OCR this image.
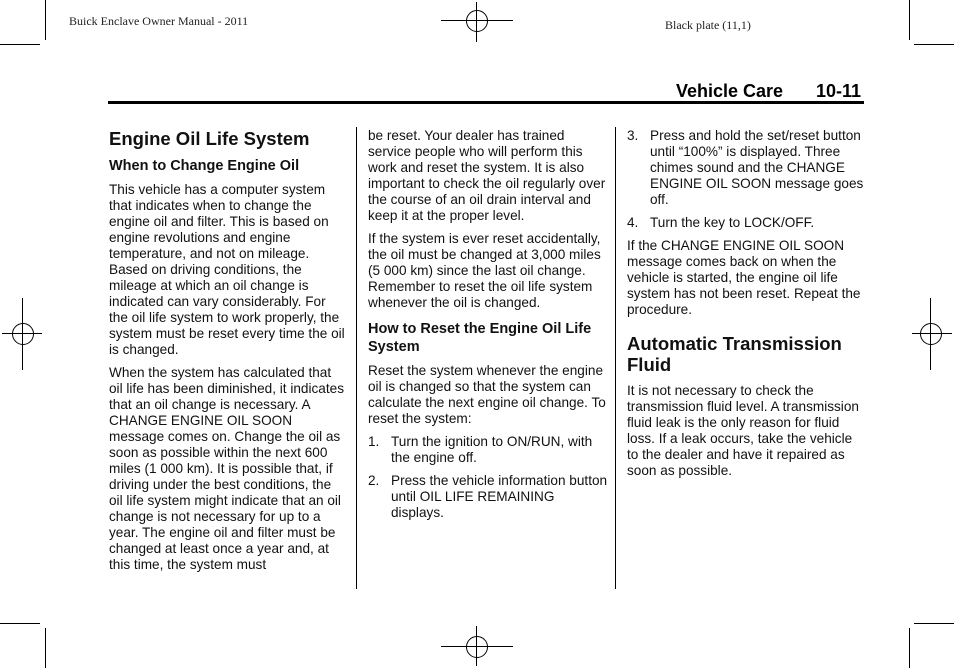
Buick Enclave Owner Manual - 2011	Black plate (11,1)
Vehicle Care 10-11
Engine Oil Life System
When to Change Engine Oil

This vehicle has a computer system that indicates when to change the engine oil and filter. This is based on engine revolutions and engine temperature, and not on mileage. Based on driving conditions, the mileage at which an oil change is indicated can vary considerably. For the oil life system to work properly, the system must be reset every time the oil is changed.

When the system has calculated that oil life has been diminished, it indicates that an oil change is necessary. A CHANGE ENGINE OIL SOON message comes on. Change the oil as soon as possible within the next 600 miles (1 000 km). It is possible that, if driving under the best conditions, the oil life system might indicate that an oil change is not necessary for up to a year. The engine oil and filter must be changed at least once a year and, at this time, the system must

be reset. Your dealer has trained service people who will perform this work and reset the system. It is also important to check the oil regularly over the course of an oil drain interval and keep it at the proper level.

If the system is ever reset accidentally, the oil must be changed at 3,000 miles (5 000 km) since the last oil change. Remember to reset the oil life system whenever the oil is changed.

How to Reset the Engine Oil Life System

Reset the system whenever the engine oil is changed so that the system can calculate the next engine oil change. To reset the system:

1. Turn the ignition to ON/RUN, with the engine off.
2. Press the vehicle information button until OIL LIFE REMAINING displays.
3. Press and hold the set/reset button until “100%” is displayed. Three chimes sound and the CHANGE ENGINE OIL SOON message goes off.
4. Turn the key to LOCK/OFF.

If the CHANGE ENGINE OIL SOON message comes back on when the vehicle is started, the engine oil life system has not been reset. Repeat the procedure.

Automatic Transmission Fluid

It is not necessary to check the transmission fluid level. A transmission fluid leak is the only reason for fluid loss. If a leak occurs, take the vehicle to the dealer and have it repaired as soon as possible.
